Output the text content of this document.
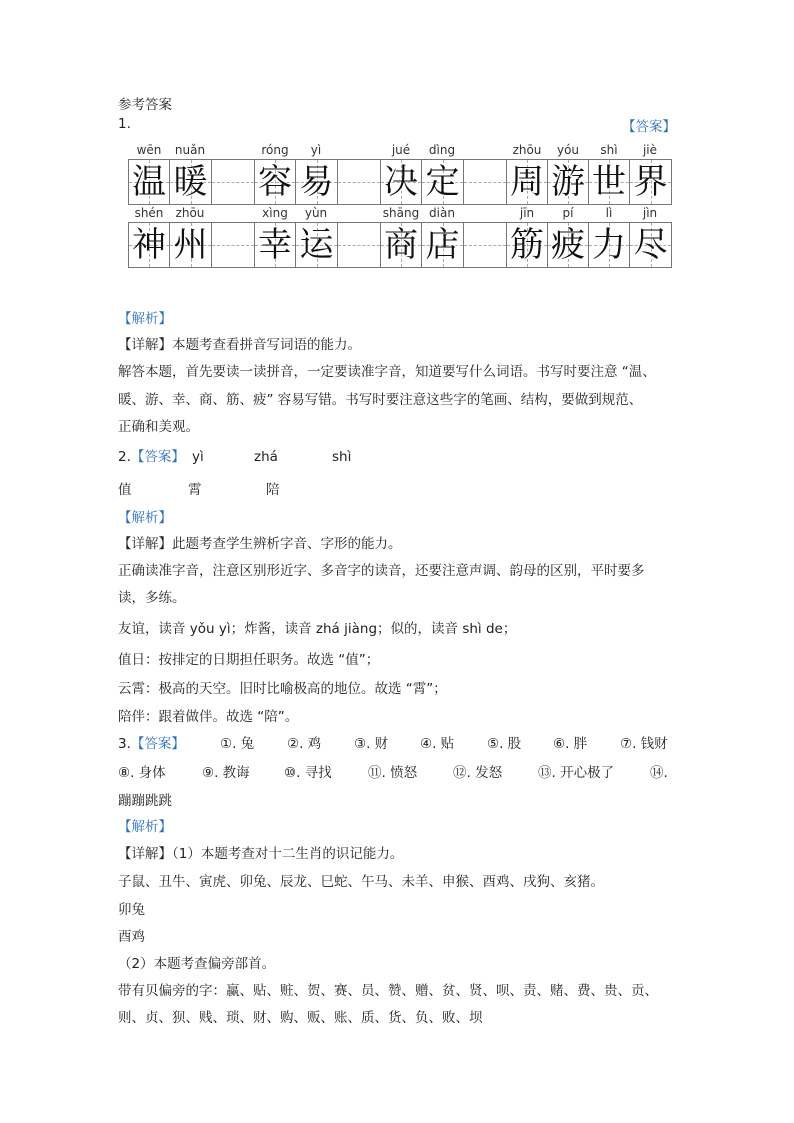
参考答案
1.	【答案】
wēn	nuǎn
温 暖
róng	yì
容 易
jué	dìng
决 定
zhōu	yóu	shì	jiè
周 游 世 界
shén	zhōu
神 州
xìng	yùn
幸 运
shāng diàn
商 店
jīn	pí	lì	jìn
筋 疲 力 尽
【解析】
【详解】本题考查看拼音写词语的能力。
解答本题，首先要读一读拼音，一定要读准字音，知道要写什么词语。书写时要注意 “温、
暖、游、幸、商、筋、疲” 容易写错。书写时要注意这些字的笔画、结构，要做到规范、
正确和美观。
2.【答案】 yì	zhá	shì
值	霄	陪
【解析】
【详解】此题考查学生辨析字音、字形的能力。
正确读准字音，注意区别形近字、多音字的读音，还要注意声调、韵母的区别，平时要多
读，多练。
友谊，读音 yǒu yì；炸酱，读音 zhá jiàng；似的，读音 shì de；
值日：按排定的日期担任职务。故选 “值”；
云霄：极高的天空。旧时比喻极高的地位。故选 “霄”；
陪伴：跟着做伴。故选 “陪”。
3.【答案】	①. 兔 ②. 鸡 ③. 财 ④. 贴 ⑤. 股 ⑥. 胖 ⑦. 钱财
⑧. 身体	⑨. 教诲	⑩. 寻找	⑪. 愤怒	⑫. 发怒	⑬. 开心极了	⑭.
蹦蹦跳跳
【解析】
【详解】（1）本题考查对十二生肖的识记能力。
子鼠、丑牛、寅虎、卯兔、辰龙、巳蛇、午马、未羊、申猴、酉鸡、戌狗、亥猪。
卯兔
酉鸡
（2）本题考查偏旁部首。
带有贝偏旁的字：赢、贴、赃、贺、赛、员、赞、赠、贫、贤、呗、责、赌、费、贵、贡、
则、贞、狈、贱、琐、财、购、贩、账、质、货、负、败、坝
